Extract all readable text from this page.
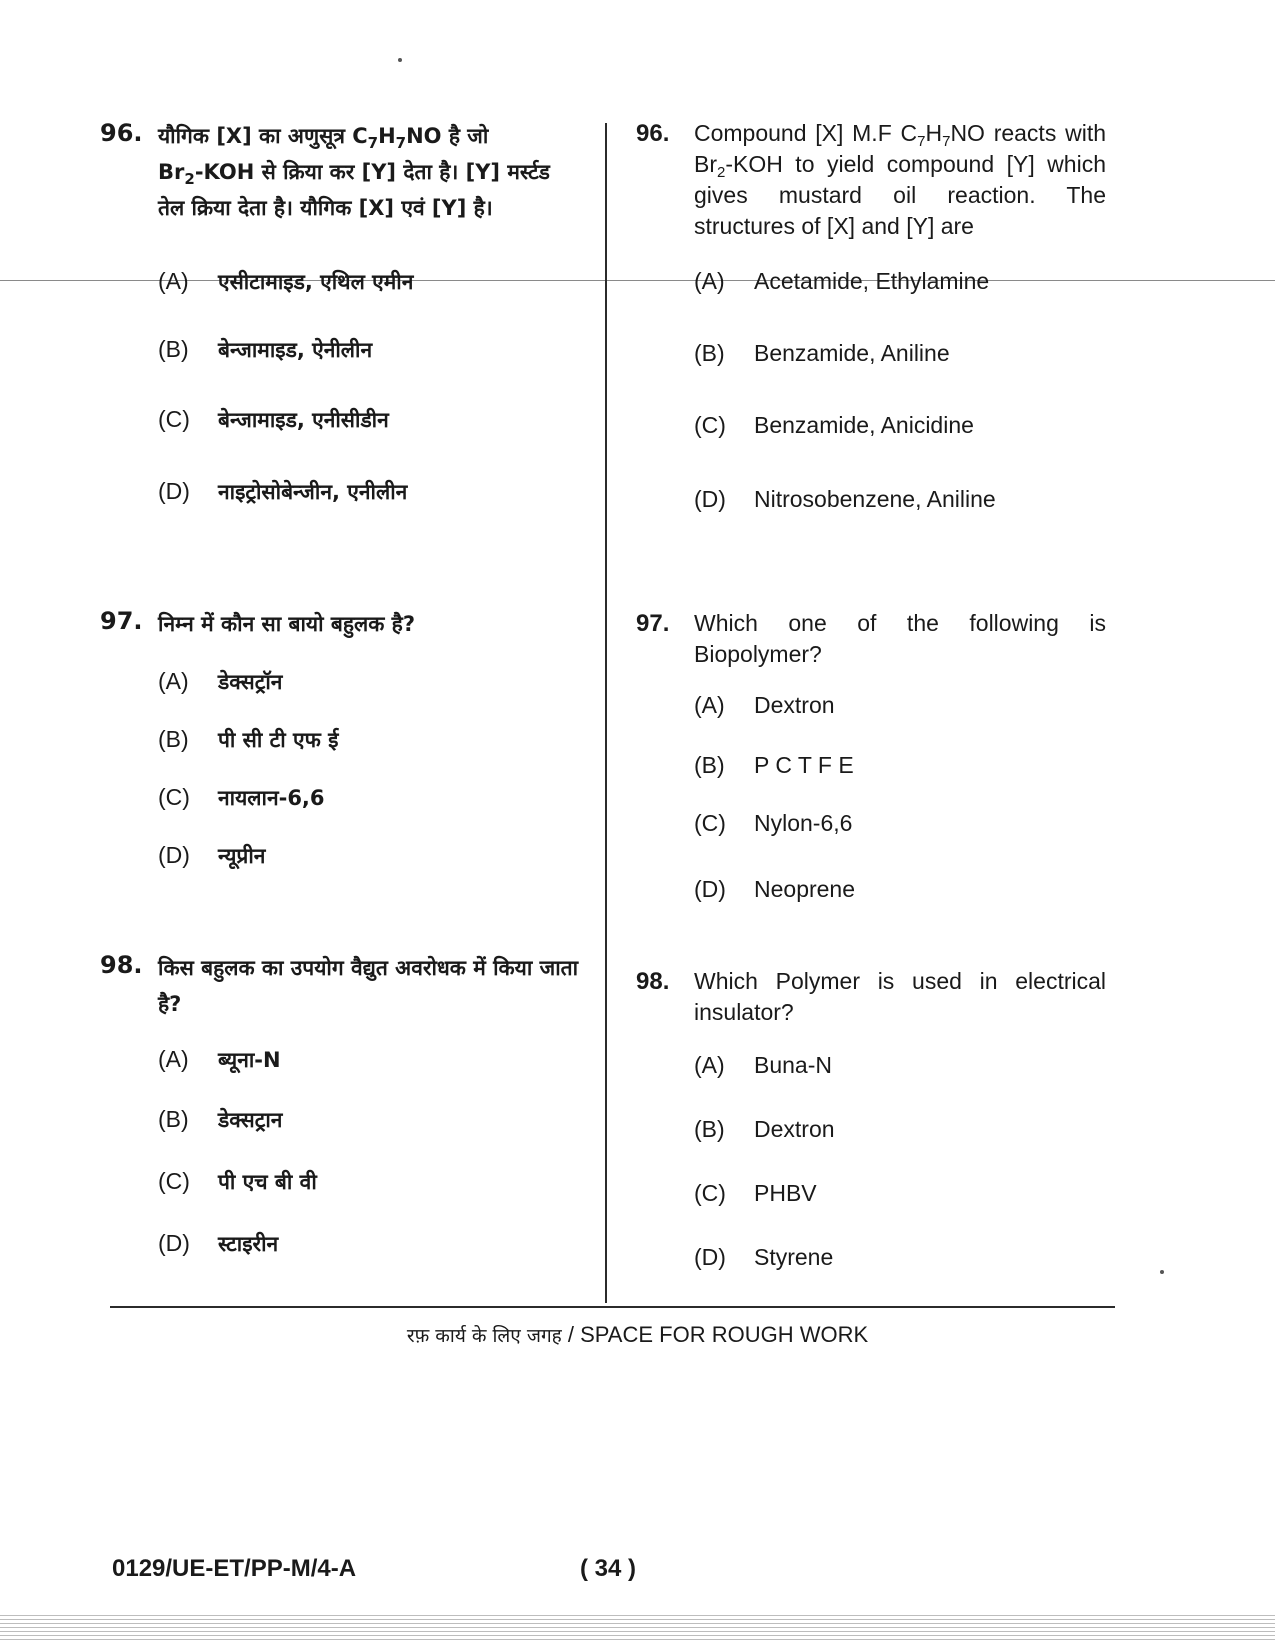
96. यौगिक [X] का अणुसूत्र $C_7H_7NO$ है जो
$Br_2$-KOH से क्रिया कर [Y] देता है। [Y] मर्स्टड
तेल क्रिया देता है। यौगिक [X] एवं [Y] है।
(A)	एसीटामाइड, एथिल एमीन
(B)	बेन्जामाइड, ऐनीलीन
(C)	बेन्जामाइड, एनीसीडीन
(D)	नाइट्रोसोबेन्जीन, एनीलीन
97. निम्न में कौन सा बायो बहुलक है?
(A)	डेक्सट्रॉन
(B)	पी सी टी एफ ई
(C)	नायलान-6,6
(D)	न्यूप्रीन
98. किस बहुलक का उपयोग वैद्युत अवरोधक में किया जाता है?
(A)	ब्यूना-N
(B)	डेक्सट्रान
(C)	पी एच बी वी
(D)	स्टाइरीन
96.	Compound [X] M.F $C_7H_7NO$ reacts with $Br_2$-KOH to yield compound [Y] which gives mustard oil reaction. The structures of [X] and [Y] are
(A)	Acetamide, Ethylamine
(B)	Benzamide, Aniline
(C)	Benzamide, Anicidine
(D)	Nitrosobenzene, Aniline
97.	Which one of the following is Biopolymer?
(A)	Dextron
(B)	P C T F E
(C)	Nylon-6,6
(D)	Neoprene
98.	Which Polymer is used in electrical insulator?
(A)	Buna-N
(B)	Dextron
(C)	PHBV
(D)	Styrene
रफ़ कार्य के लिए जगह / SPACE FOR ROUGH WORK
0129/UE-ET/PP-M/4-A	( 34 )
